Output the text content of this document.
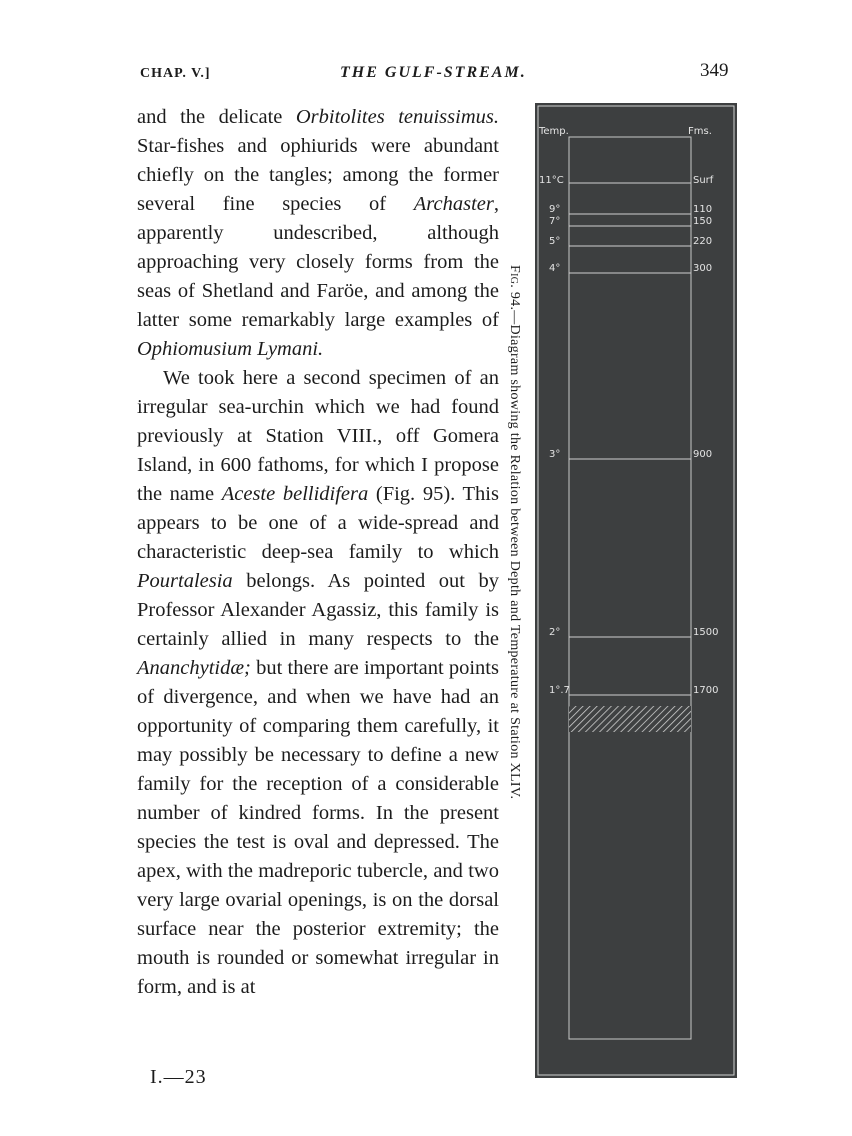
CHAP. V.]	THE GULF-STREAM.	349

and the delicate Orbitolites tenuissimus. Star-fishes and ophiurids were abundant chiefly on the tangles; among the former several fine species of Archaster, apparently undescribed, although approaching very closely forms from the seas of Shetland and Faröe, and among the latter some remarkably large examples of Ophiomusium Lymani.

We took here a second specimen of an irregular sea-urchin which we had found previously at Station VIII., off Gomera Island, in 600 fathoms, for which I propose the name Aceste bellidifera (Fig. 95). This appears to be one of a wide-spread and characteristic deep-sea family to which Pourtalesia belongs. As pointed out by Professor Alexander Agassiz, this family is certainly allied in many respects to the Ananchytidæ; but there are important points of divergence, and when we have had an opportunity of comparing them carefully, it may possibly be necessary to define a new family for the reception of a considerable number of kindred forms. In the present species the test is oval and depressed. The apex, with the madreporic tubercle, and two very large ovarial openings, is on the dorsal surface near the posterior extremity; the mouth is rounded or somewhat irregular in form, and is at

I.—23
Fig. 94.—Diagram showing the Relation between Depth and Temperature at Station XLIV.
Temp.	Fms.
11°C	Surf
9°	110
7°	150
5°	220
4°	300
3°	900
2°	1500
1°.7	1700
